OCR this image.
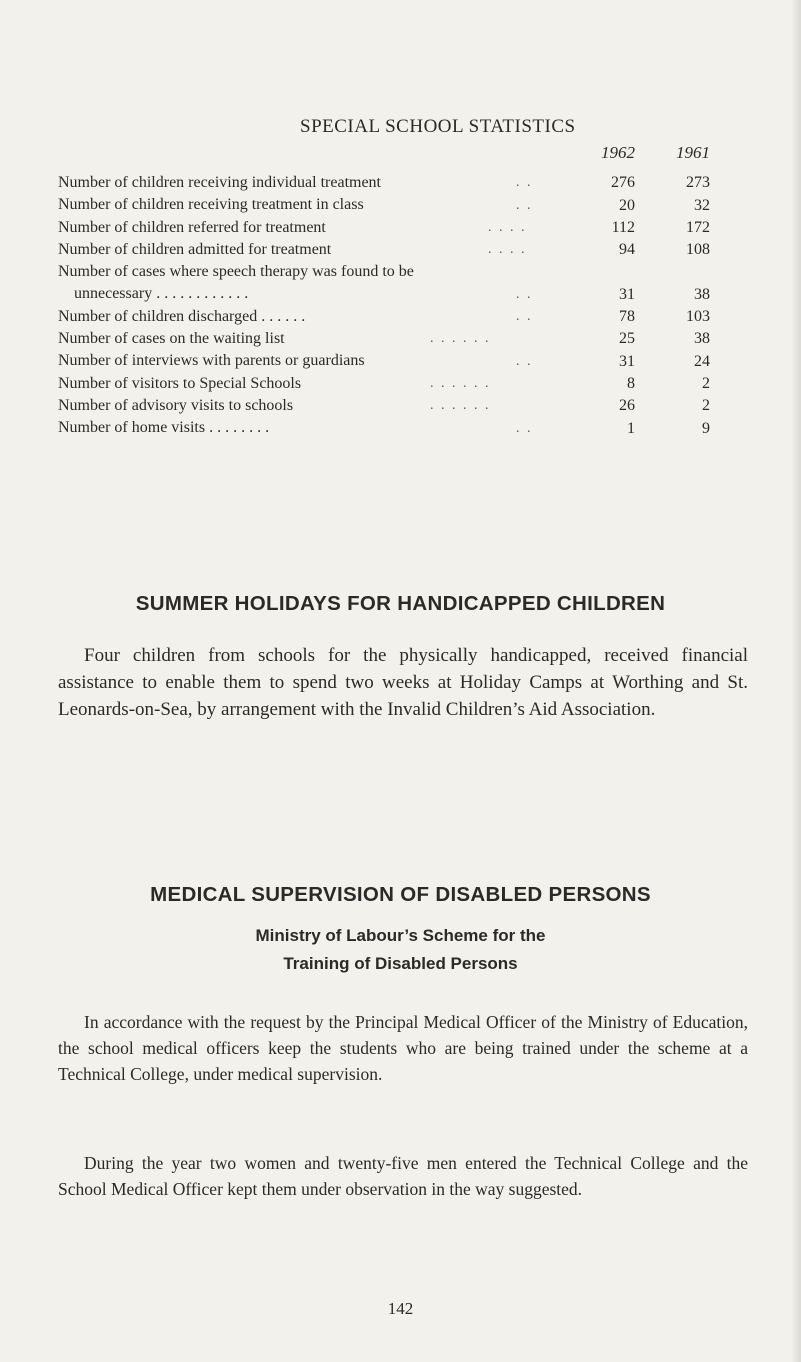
SPECIAL SCHOOL STATISTICS
1962	1961
Number of children receiving individual treatment	. .	276	273
Number of children receiving treatment in class	. .	20	32
Number of children referred for treatment	. . . .	112	172
Number of children admitted for treatment	. . . .	94	108
Number of cases where speech therapy was found to be
unnecessary . . . . . . . . . . . .	. .	31	38
Number of children discharged . . . . . .	. .	78	103
Number of cases on the waiting list	. . . . . .	25	38
Number of interviews with parents or guardians	. .	31	24
Number of visitors to Special Schools	. . . . . .	8	2
Number of advisory visits to schools	. . . . . .	26	2
Number of home visits . . . . . . . .	. .	1	9
SUMMER HOLIDAYS FOR HANDICAPPED CHILDREN
Four children from schools for the physically handicapped, received financial assistance to enable them to spend two weeks at Holiday Camps at Worthing and St. Leonards-on-Sea, by arrangement with the Invalid Children’s Aid Association.
MEDICAL SUPERVISION OF DISABLED PERSONS
Ministry of Labour’s Scheme for the
Training of Disabled Persons
In accordance with the request by the Principal Medical Officer of the Ministry of Education, the school medical officers keep the students who are being trained under the scheme at a Technical College, under medical supervision.
During the year two women and twenty-five men entered the Technical College and the School Medical Officer kept them under observation in the way suggested.
142
